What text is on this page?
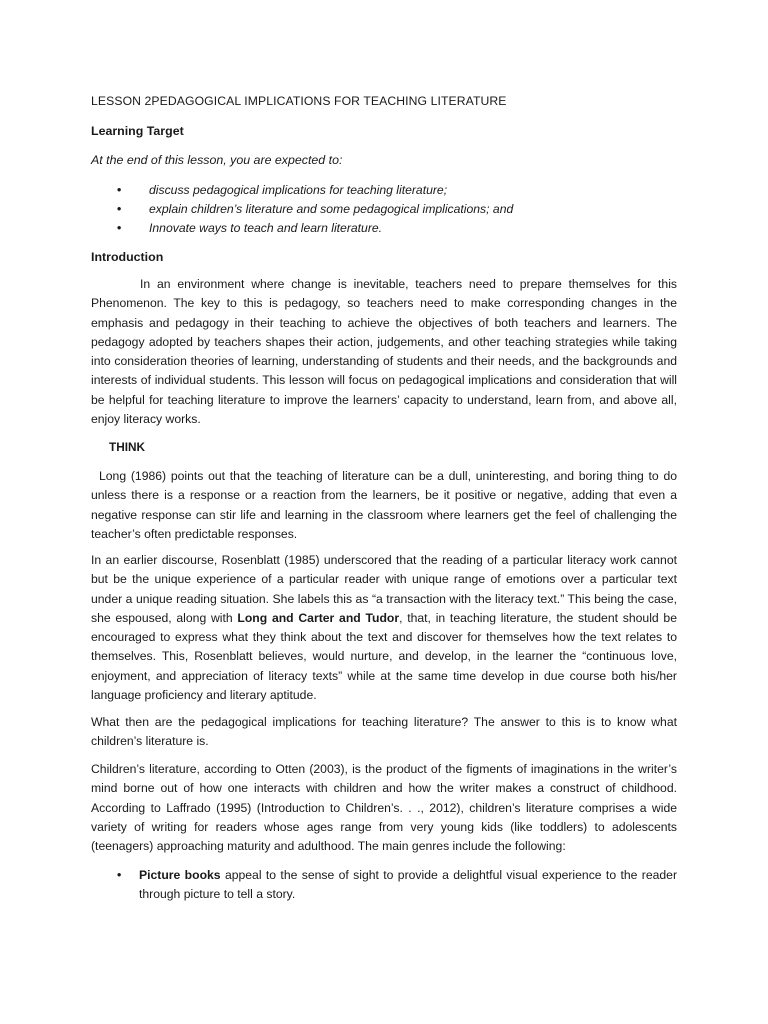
LESSON 2PEDAGOGICAL IMPLICATIONS FOR TEACHING LITERATURE
Learning Target
At the end of this lesson, you are expected to:
• discuss pedagogical implications for teaching literature;
• explain children’s literature and some pedagogical implications; and
• Innovate ways to teach and learn literature.
Introduction

In an environment where change is inevitable, teachers need to prepare themselves for this Phenomenon. The key to this is pedagogy, so teachers need to make corresponding changes in the emphasis and pedagogy in their teaching to achieve the objectives of both teachers and learners. The pedagogy adopted by teachers shapes their action, judgements, and other teaching strategies while taking into consideration theories of learning, understanding of students and their needs, and the backgrounds and interests of individual students. This lesson will focus on pedagogical implications and consideration that will be helpful for teaching literature to improve the learners’ capacity to understand, learn from, and above all, enjoy literacy works.

THINK

Long (1986) points out that the teaching of literature can be a dull, uninteresting, and boring thing to do unless there is a response or a reaction from the learners, be it positive or negative, adding that even a negative response can stir life and learning in the classroom where learners get the feel of challenging the teacher’s often predictable responses.

In an earlier discourse, Rosenblatt (1985) underscored that the reading of a particular literacy work cannot but be the unique experience of a particular reader with unique range of emotions over a particular text under a unique reading situation. She labels this as “a transaction with the literacy text.” This being the case, she espoused, along with Long and Carter and Tudor, that, in teaching literature, the student should be encouraged to express what they think about the text and discover for themselves how the text relates to themselves. This, Rosenblatt believes, would nurture, and develop, in the learner the “continuous love, enjoyment, and appreciation of literacy texts” while at the same time develop in due course both his/her language proficiency and literary aptitude.

What then are the pedagogical implications for teaching literature? The answer to this is to know what children’s literature is.

Children’s literature, according to Otten (2003), is the product of the figments of imaginations in the writer’s mind borne out of how one interacts with children and how the writer makes a construct of childhood. According to Laffrado (1995) (Introduction to Children’s. . ., 2012), children’s literature comprises a wide variety of writing for readers whose ages range from very young kids (like toddlers) to adolescents (teenagers) approaching maturity and adulthood. The main genres include the following:

• Picture books appeal to the sense of sight to provide a delightful visual experience to the reader through picture to tell a story.
